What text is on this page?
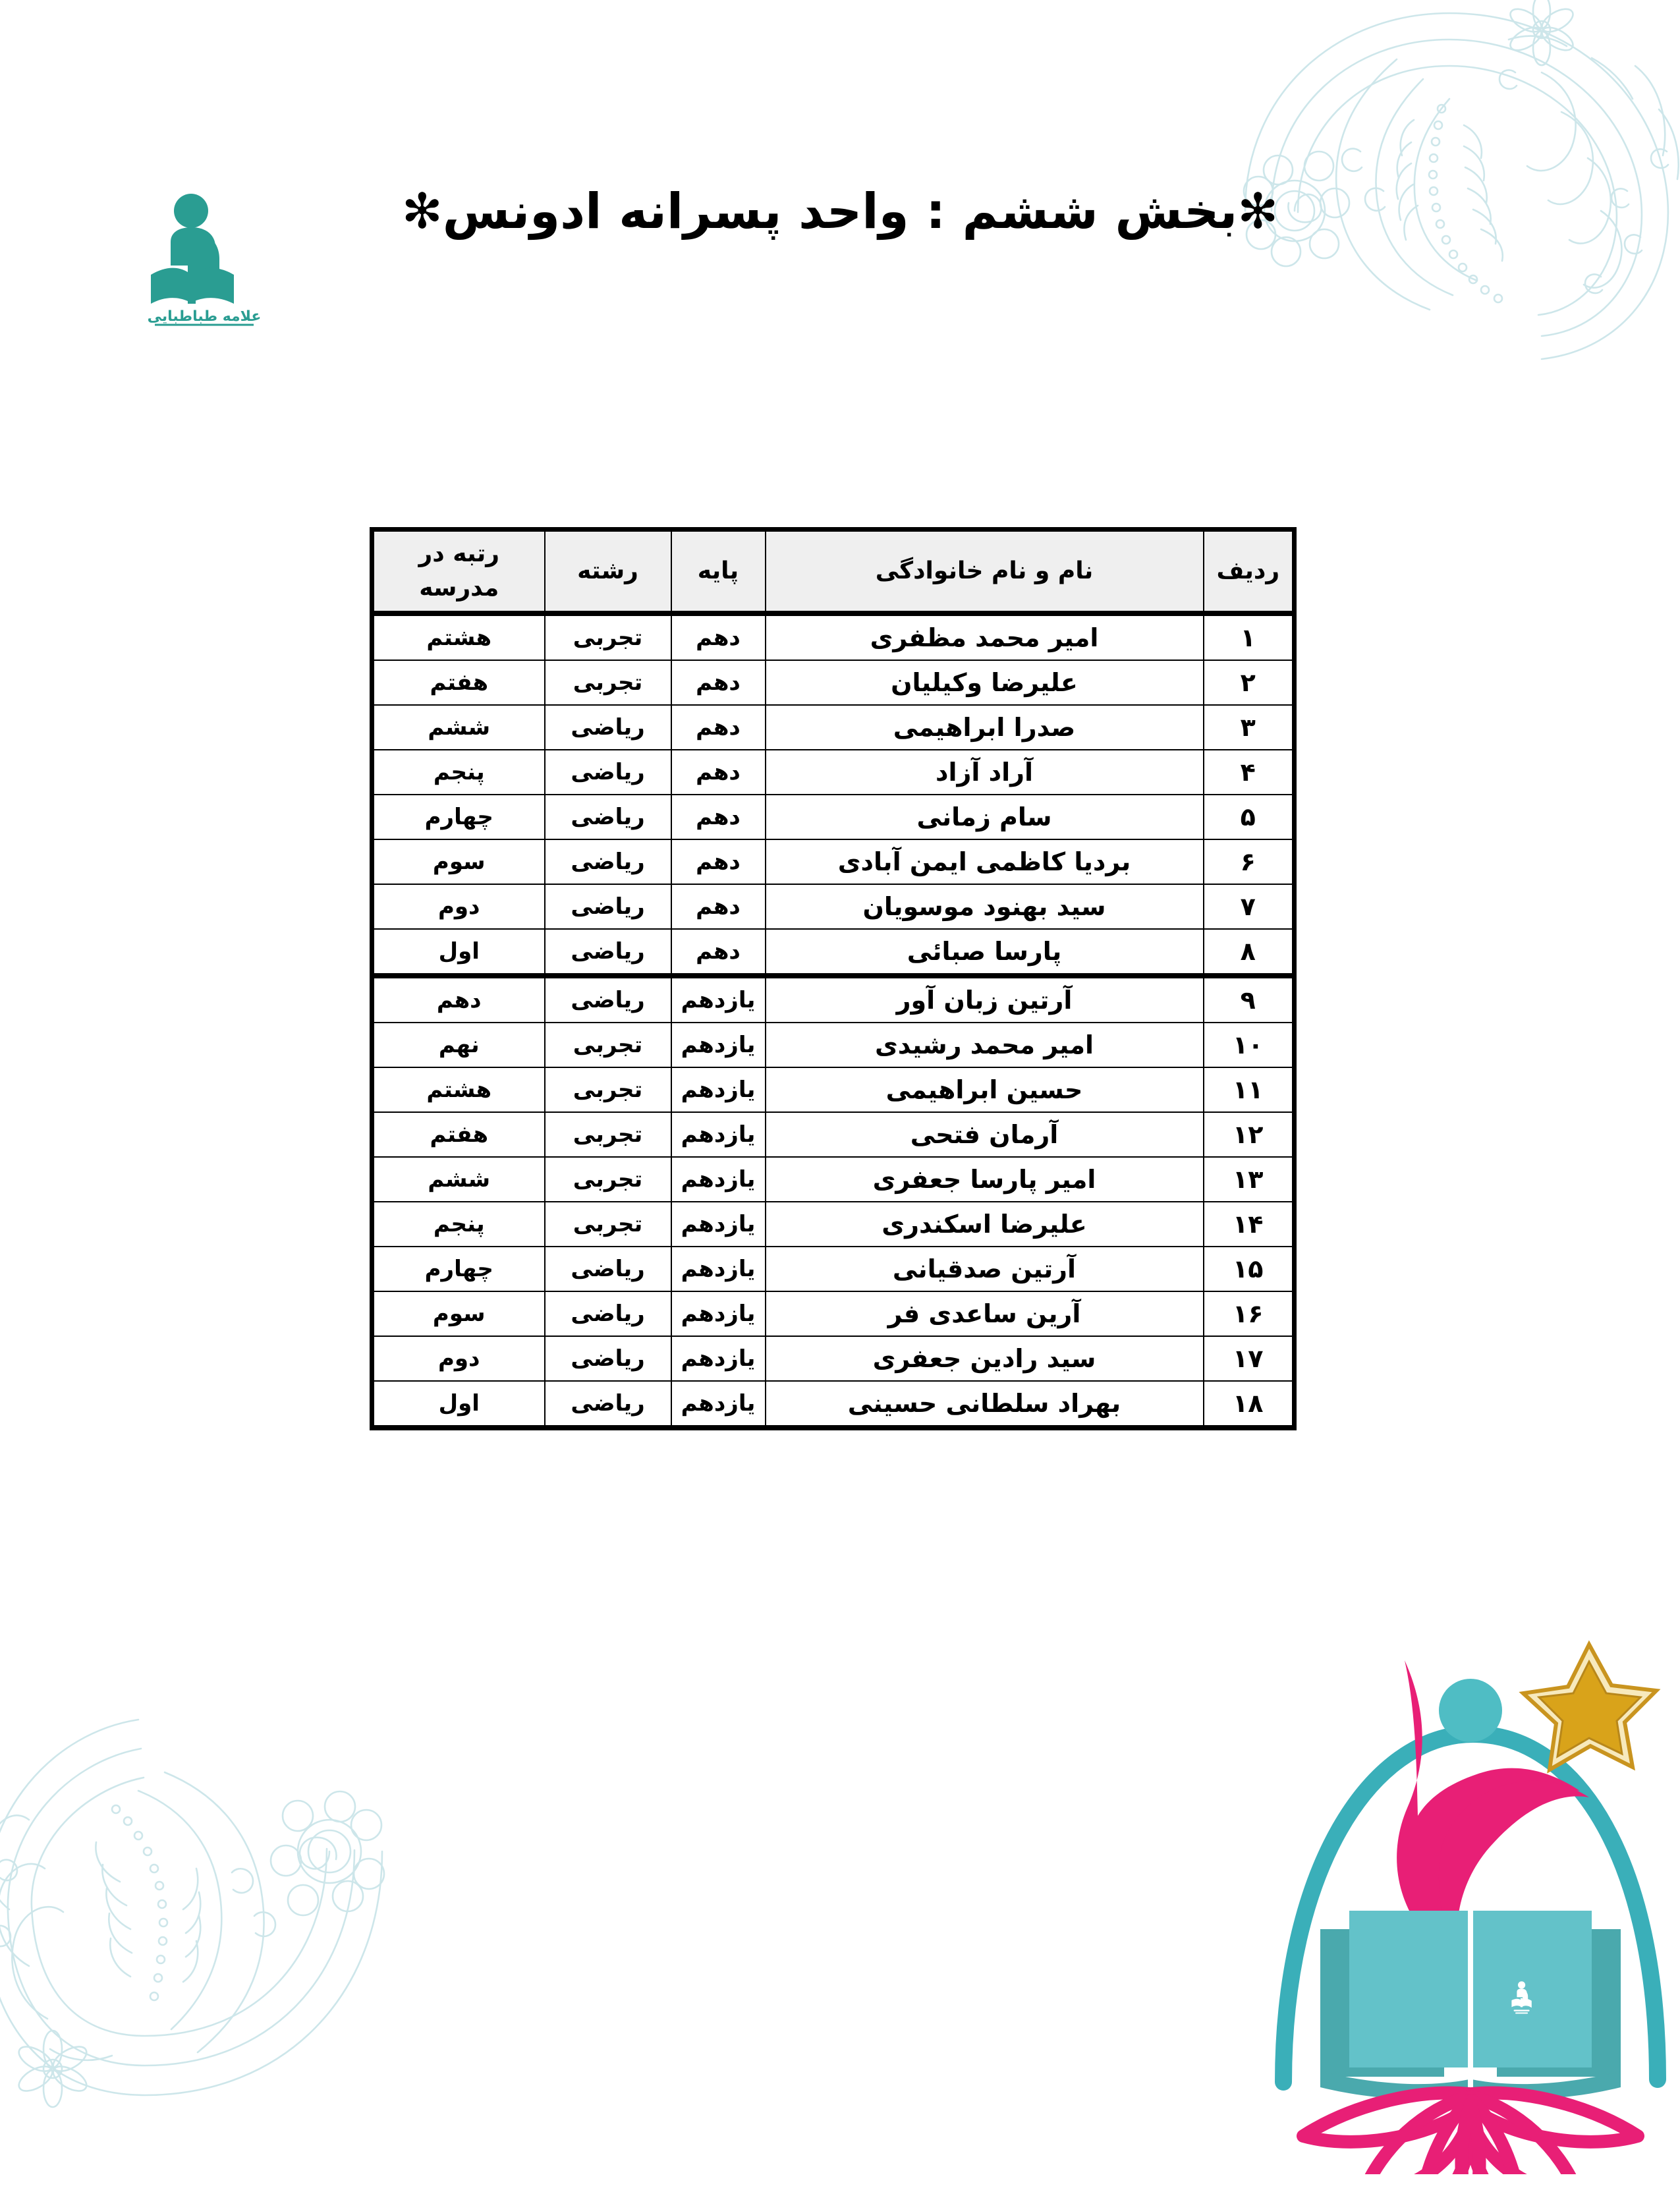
علامه طباطبایی
✻بخش ششم : واحد پسرانه ادونس✻
ردیف	نام و نام خانوادگی	پایه	رشته	رتبه در
مدرسه
۱	امیر محمد مظفری	دهم	تجربی	هشتم
۲	علیرضا وکیلیان	دهم	تجربی	هفتم
۳	صدرا ابراهیمی	دهم	ریاضی	ششم
۴	آراد آزاد	دهم	ریاضی	پنجم
۵	سام زمانی	دهم	ریاضی	چهارم
۶	بردیا کاظمی ایمن آبادی	دهم	ریاضی	سوم
۷	سید بهنود موسویان	دهم	ریاضی	دوم
۸	پارسا صبائی	دهم	ریاضی	اول
۹	آرتین زبان آور	یازدهم	ریاضی	دهم
۱۰	امیر محمد رشیدی	یازدهم	تجربی	نهم
۱۱	حسین ابراهیمی	یازدهم	تجربی	هشتم
۱۲	آرمان فتحی	یازدهم	تجربی	هفتم
۱۳	امیر پارسا جعفری	یازدهم	تجربی	ششم
۱۴	علیرضا اسکندری	یازدهم	تجربی	پنجم
۱۵	آرتین صدقیانی	یازدهم	ریاضی	چهارم
۱۶	آرین ساعدی فر	یازدهم	ریاضی	سوم
۱۷	سید رادین جعفری	یازدهم	ریاضی	دوم
۱۸	بهراد سلطانی حسینی	یازدهم	ریاضی	اول
